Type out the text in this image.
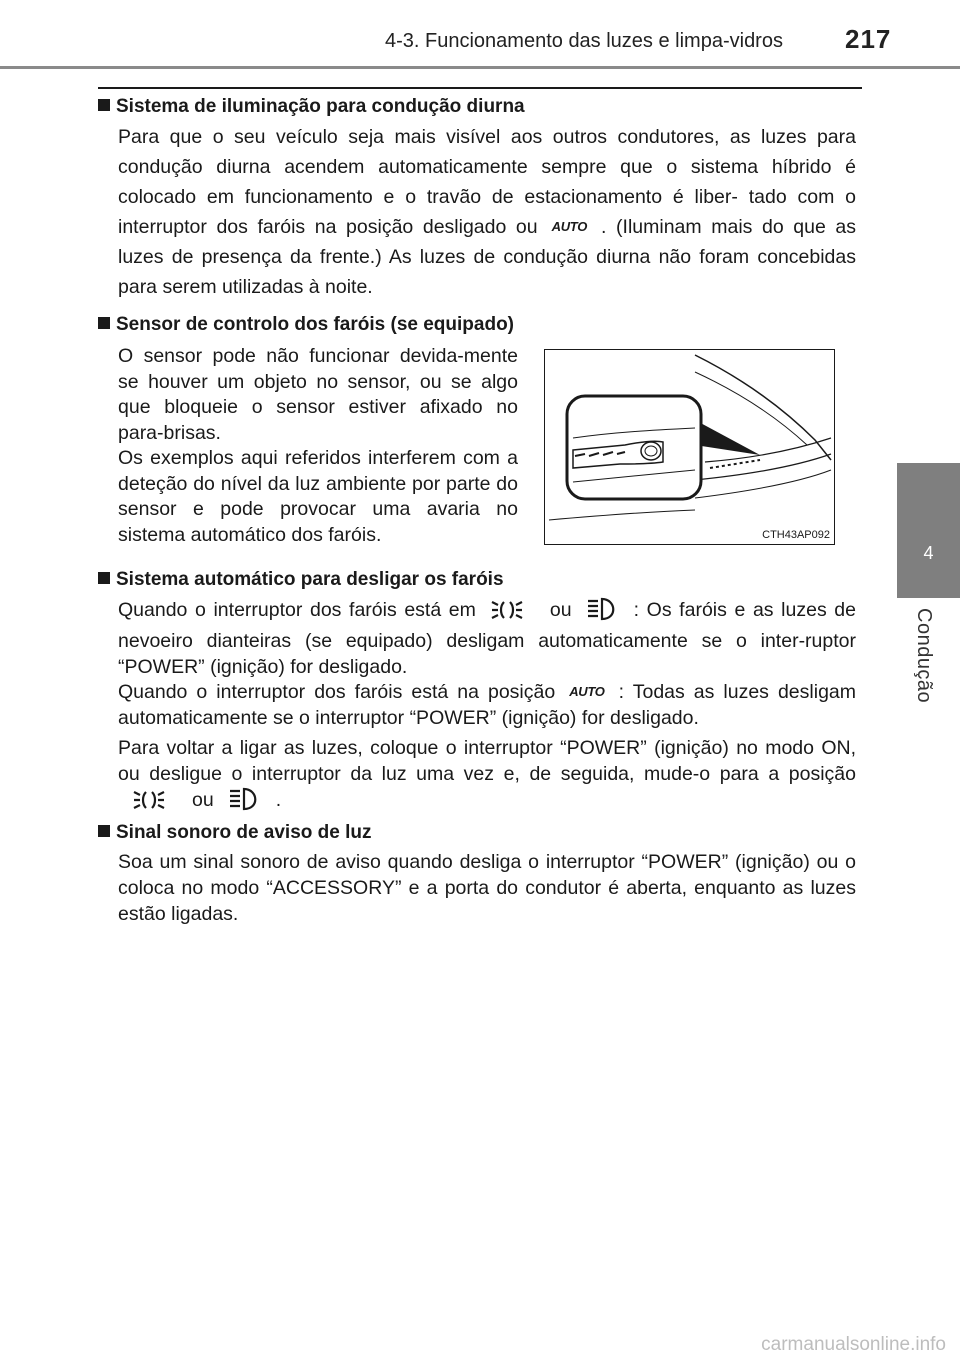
4-3. Funcionamento das luzes e limpa-vidros 217
4
Condução
Sistema de iluminação para condução diurna
Para que o seu veículo seja mais visível aos outros condutores, as luzes para condução diurna acendem automaticamente sempre que o sistema híbrido é colocado em funcionamento e o travão de estacionamento é liber- tado com o interruptor dos faróis na posição desligado ou AUTO . (Iluminam mais do que as luzes de presença da frente.) As luzes de condução diurna não foram concebidas para serem utilizadas à noite.
Sensor de controlo dos faróis (se equipado)
O sensor pode não funcionar devida-mente se houver um objeto no sensor, ou se algo que bloqueie o sensor estiver afixado no para-brisas.
Os exemplos aqui referidos interferem com a deteção do nível da luz ambiente por parte do sensor e pode provocar uma avaria no sistema automático dos faróis.	CTH43AP092
Sistema automático para desligar os faróis
Quando o interruptor dos faróis está em	ou	: Os faróis e as luzes de nevoeiro dianteiras (se equipado) desligam automaticamente se o inter-ruptor “POWER” (ignição) for desligado.
Quando o interruptor dos faróis está na posição AUTO : Todas as luzes desligam automaticamente se o interruptor “POWER” (ignição) for desligado.
Para voltar a ligar as luzes, coloque o interruptor “POWER” (ignição) no modo ON, ou desligue o interruptor da luz uma vez e, de seguida, mude-o para a posiçãoou	.
Sinal sonoro de aviso de luz
Soa um sinal sonoro de aviso quando desliga o interruptor “POWER” (ignição) ou o coloca no modo “ACCESSORY” e a porta do condutor é aberta, enquanto as luzes estão ligadas.
carmanualsonline.info
